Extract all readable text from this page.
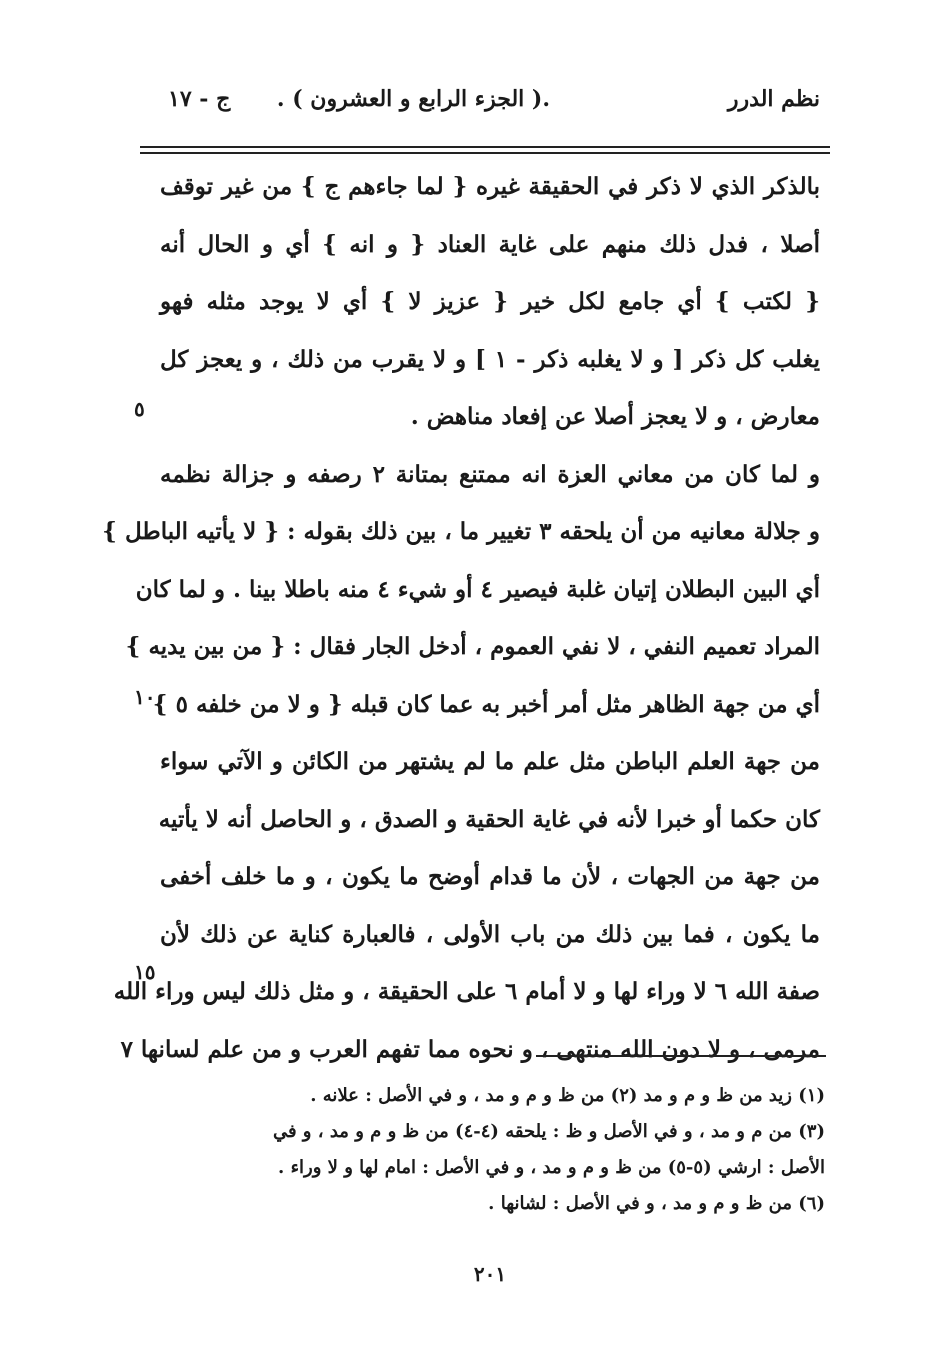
نظم الدرر
.( الجزء الرابع و العشرون ) .
ج - ١٧
بالذكر الذي لا ذكر في الحقيقة غيره { لما جاءهم ج } من غير توقف
أصلا ، فدل ذلك منهم على غاية العناد { و انه } أي و الحال أنه
{ لكتب } أي جامع لكل خير { عزيز لا } أي لا يوجد مثله فهو
يغلب كل ذكر [ و لا يغلبه ذكر - ١ ] و لا يقرب من ذلك ، و يعجز كل
معارض ، و لا يعجز أصلا عن إفعاد مناهض .
و لما كان من معاني العزة انه ممتنع بمتانة ٢ رصفه و جزالة نظمه
و جلالة معانيه من أن يلحقه ٣ تغيير ما ، بين ذلك بقوله : { لا يأتيه الباطل }
أي البين البطلان إتيان غلبة فيصير ٤ أو شيء ٤ منه باطلا بينا . و لما كان
المراد تعميم النفي ، لا نفي العموم ، أدخل الجار فقال : { من بين يديه }
أي من جهة الظاهر مثل أمر أخبر به عما كان قبله { و لا من خلفه ٥ }
من جهة العلم الباطن مثل علم ما لم يشتهر من الكائن و الآتي سواء
كان حكما أو خبرا لأنه في غاية الحقية و الصدق ، و الحاصل أنه لا يأتيه
من جهة من الجهات ، لأن ما قدام أوضح ما يكون ، و ما خلف أخفى
ما يكون ، فما بين ذلك من باب الأولى ، فالعبارة كناية عن ذلك لأن
صفة الله ٦ لا وراء لها و لا أمام ٦ على الحقيقة ، و مثل ذلك ليس وراء الله
مرمى ، و لا دون الله منتهى ، و نحوه مما تفهم العرب و من علم لسانها ٧
٥
١٠
١٥
(١) زيد من ظ و م و مد (٢) من ظ و م و مد ، و في الأصل : علانه .
(٣) من م و مد ، و في الأصل و ظ : يلحقه (٤-٤) من ظ و م و مد ، و في
الأصل : ارشي (٥-٥) من ظ و م و مد ، و في الأصل : امام لها و لا وراء .
(٦) من ظ و م و مد ، و في الأصل : لشانها .
٢٠١
